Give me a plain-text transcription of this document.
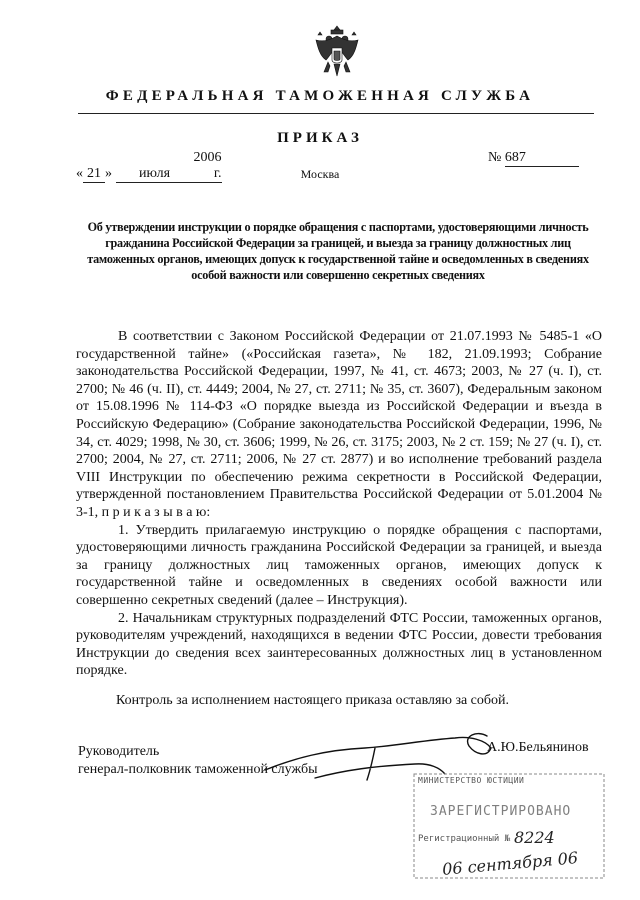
ФЕДЕРАЛЬНАЯ ТАМОЖЕННАЯ СЛУЖБА
ПРИКАЗ
« 21 » июля2006 г.
№ 687
Москва
Об утверждении инструкции о порядке обращения с паспортами, удостоверяющими личность гражданина Российской Федерации за границей, и выезда за границу должностных лиц таможенных органов, имеющих допуск к государственной тайне и осведомленных в сведениях особой важности или совершенно секретных сведениях

В соответствии с Законом Российской Федерации от 21.07.1993 № 5485-1 «О государственной тайне» («Российская газета», № 182, 21.09.1993; Собрание законодательства Российской Федерации, 1997, № 41, ст. 4673; 2003, № 27 (ч. I), ст. 2700; № 46 (ч. II), ст. 4449; 2004, № 27, ст. 2711; № 35, ст. 3607), Федеральным законом от 15.08.1996 № 114-ФЗ «О порядке выезда из Российской Федерации и въезда в Российскую Федерацию» (Собрание законодательства Российской Федерации, 1996, № 34, ст. 4029; 1998, № 30, ст. 3606; 1999, № 26, ст. 3175; 2003, № 2 ст. 159; № 27 (ч. I), ст. 2700; 2004, № 27, ст. 2711; 2006, № 27 ст. 2877) и во исполнение требований раздела VIII Инструкции по обеспечению режима секретности в Российской Федерации, утвержденной постановлением Правительства Российской Федерации от 5.01.2004 № 3-1, п р и к а з ы в а ю:

1. Утвердить прилагаемую инструкцию о порядке обращения с паспортами, удостоверяющими личность гражданина Российской Федерации за границей, и выезда за границу должностных лиц таможенных органов, имеющих допуск к государственной тайне и осведомленных в сведениях особой важности или совершенно секретных сведений (далее – Инструкция).

2. Начальникам структурных подразделений ФТС России, таможенных органов, руководителям учреждений, находящихся в ведении ФТС России, довести требования Инструкции до сведения всех заинтересованных должностных лиц в установленном порядке.

Контроль за исполнением настоящего приказа оставляю за собой.
Руководитель
генерал-полковник таможенной службы
А.Ю.Бельянинов
МИНИСТЕРСТВО ЮСТИЦИИ
ЗАРЕГИСТРИРОВАНО
Регистрационный № 8224
06 сентября 06
